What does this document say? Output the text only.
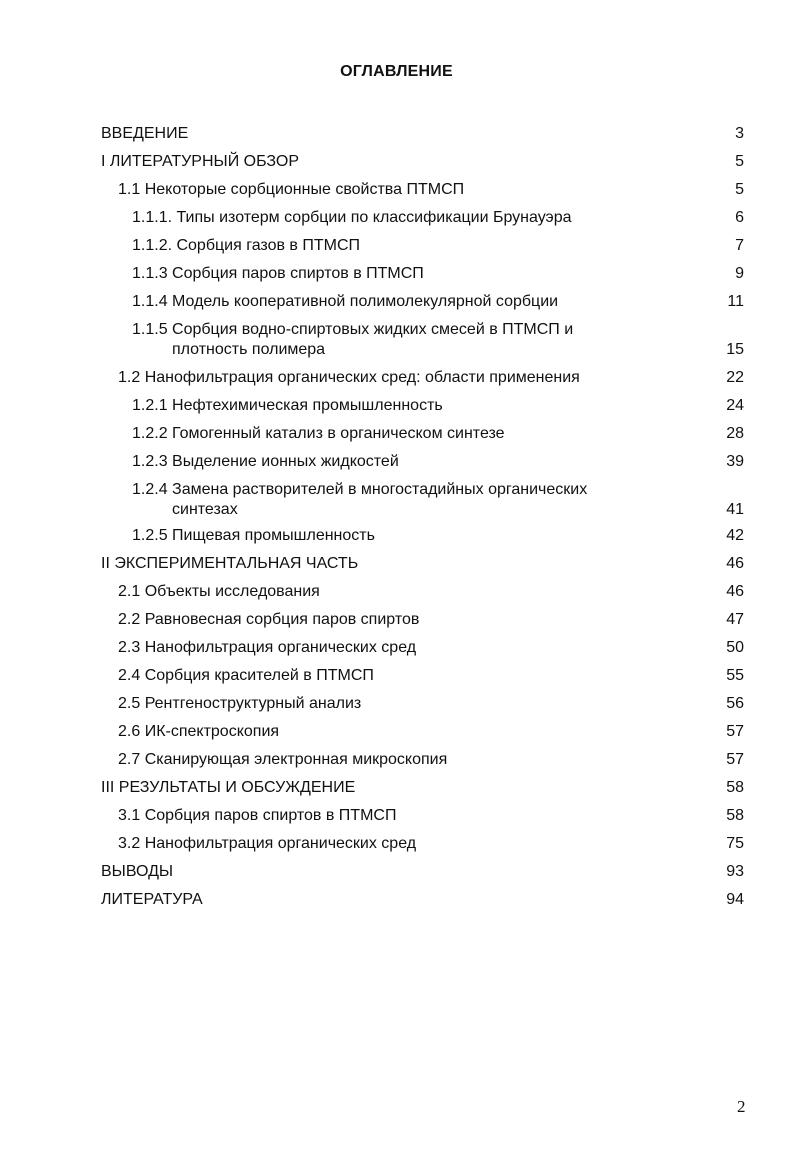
ОГЛАВЛЕНИЕ
ВВЕДЕНИЕ	3
I ЛИТЕРАТУРНЫЙ ОБЗОР	5
1.1 Некоторые сорбционные свойства ПТМСП	5
1.1.1. Типы изотерм сорбции по классификации Брунауэра	6
1.1.2. Сорбция газов в ПТМСП	7
1.1.3 Сорбция паров спиртов в ПТМСП	9
1.1.4 Модель кооперативной полимолекулярной сорбции	11
1.1.5 Сорбция водно-спиртовых жидких смесей в ПТМСП и
плотность полимера	15
1.2 Нанофильтрация органических сред: области применения	22
1.2.1 Нефтехимическая промышленность	24
1.2.2 Гомогенный катализ в органическом синтезе	28
1.2.3 Выделение ионных жидкостей	39
1.2.4 Замена растворителей в многостадийных органических
синтезах	41
1.2.5 Пищевая промышленность	42
II ЭКСПЕРИМЕНТАЛЬНАЯ ЧАСТЬ	46
2.1 Объекты исследования	46
2.2 Равновесная сорбция паров спиртов	47
2.3 Нанофильтрация органических сред	50
2.4 Сорбция красителей в ПТМСП	55
2.5 Рентгеноструктурный анализ	56
2.6 ИК-спектроскопия	57
2.7 Сканирующая электронная микроскопия	57
III РЕЗУЛЬТАТЫ И ОБСУЖДЕНИЕ	58
3.1 Сорбция паров спиртов в ПТМСП	58
3.2 Нанофильтрация органических сред	75
ВЫВОДЫ	93
ЛИТЕРАТУРА	94
2
